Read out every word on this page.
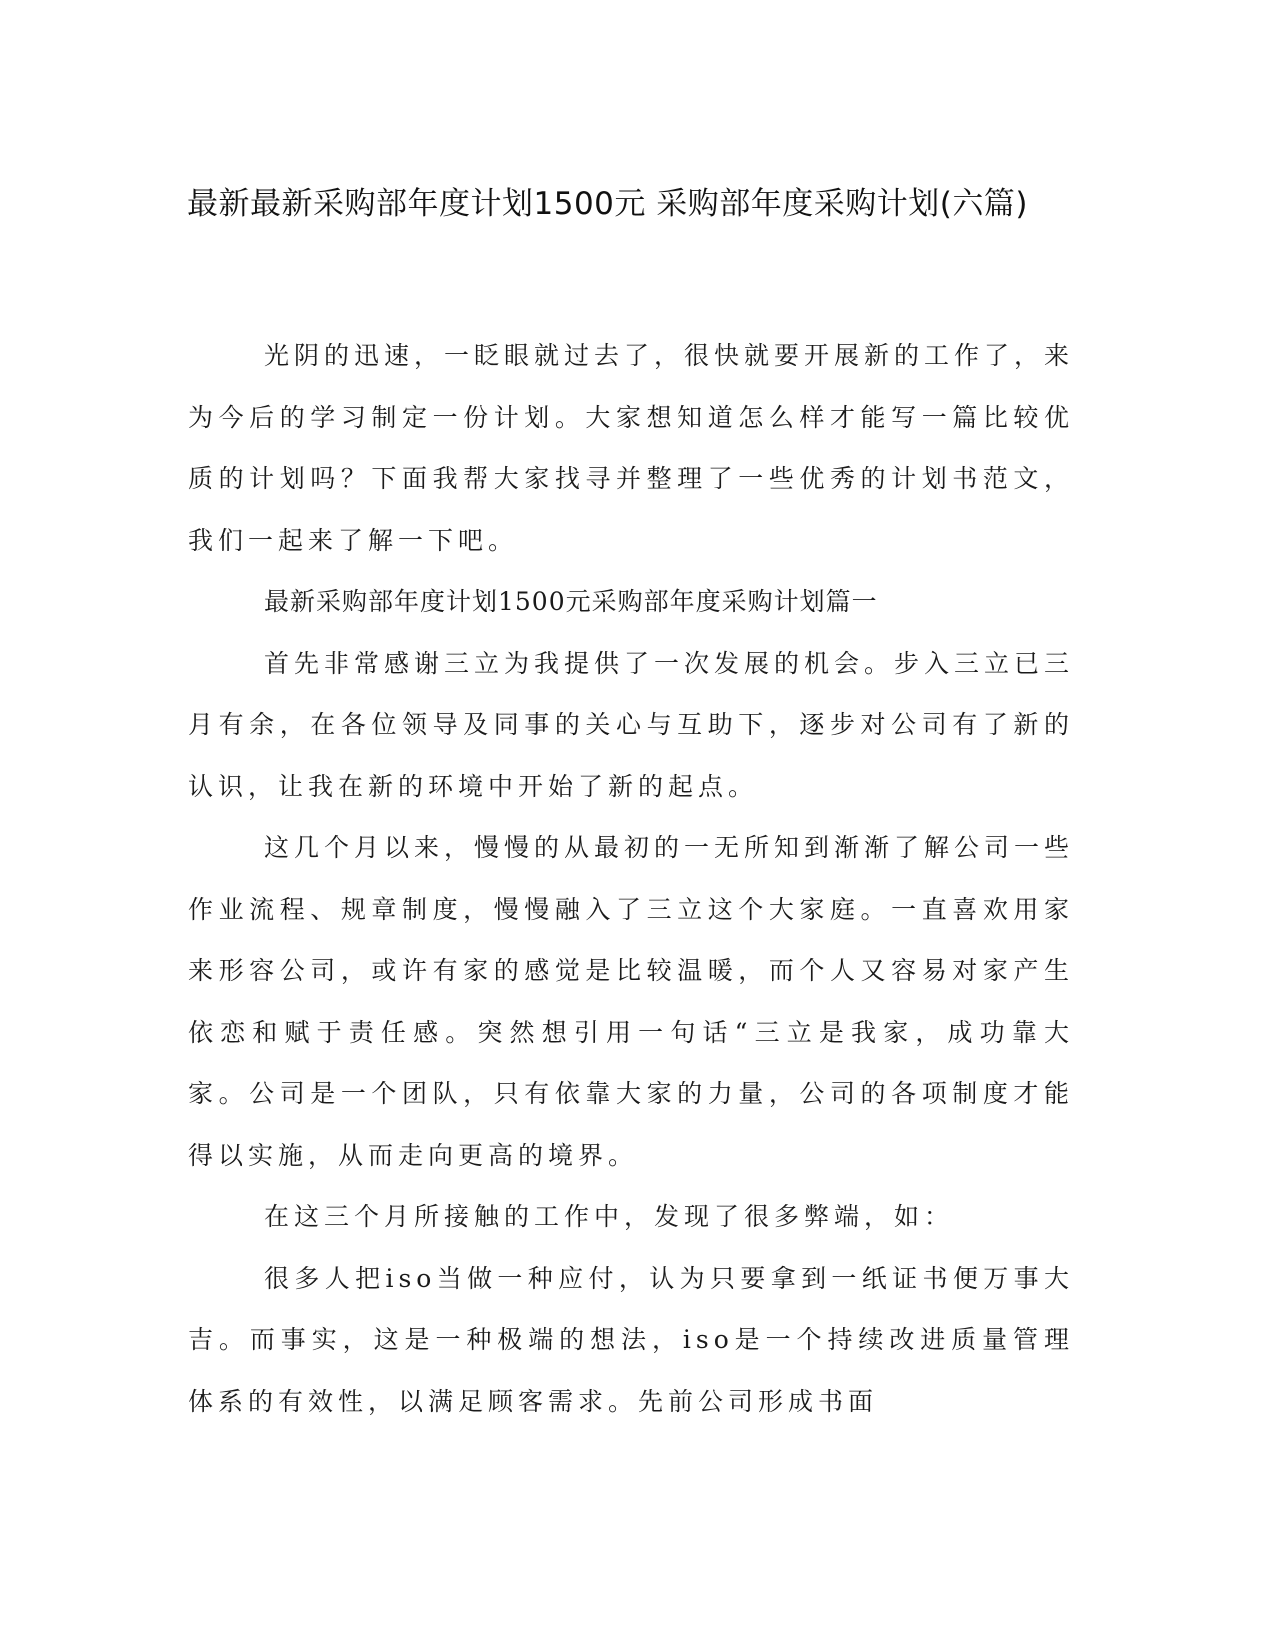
最新最新采购部年度计划1500元 采购部年度采购计划(六篇)

光阴的迅速，一眨眼就过去了，很快就要开展新的工作了，来为今后的学习制定一份计划。大家想知道怎么样才能写一篇比较优质的计划吗？下面我帮大家找寻并整理了一些优秀的计划书范文，我们一起来了解一下吧。

最新采购部年度计划1500元采购部年度采购计划篇一

首先非常感谢三立为我提供了一次发展的机会。步入三立已三月有余，在各位领导及同事的关心与互助下，逐步对公司有了新的认识，让我在新的环境中开始了新的起点。

这几个月以来，慢慢的从最初的一无所知到渐渐了解公司一些作业流程、规章制度，慢慢融入了三立这个大家庭。一直喜欢用家来形容公司，或许有家的感觉是比较温暖，而个人又容易对家产生依恋和赋于责任感。突然想引用一句话“三立是我家，成功靠大家。公司是一个团队，只有依靠大家的力量，公司的各项制度才能得以实施，从而走向更高的境界。

在这三个月所接触的工作中，发现了很多弊端，如：

很多人把iso当做一种应付，认为只要拿到一纸证书便万事大吉。而事实，这是一种极端的想法，iso是一个持续改进质量管理体系的有效性，以满足顾客需求。先前公司形成书面
